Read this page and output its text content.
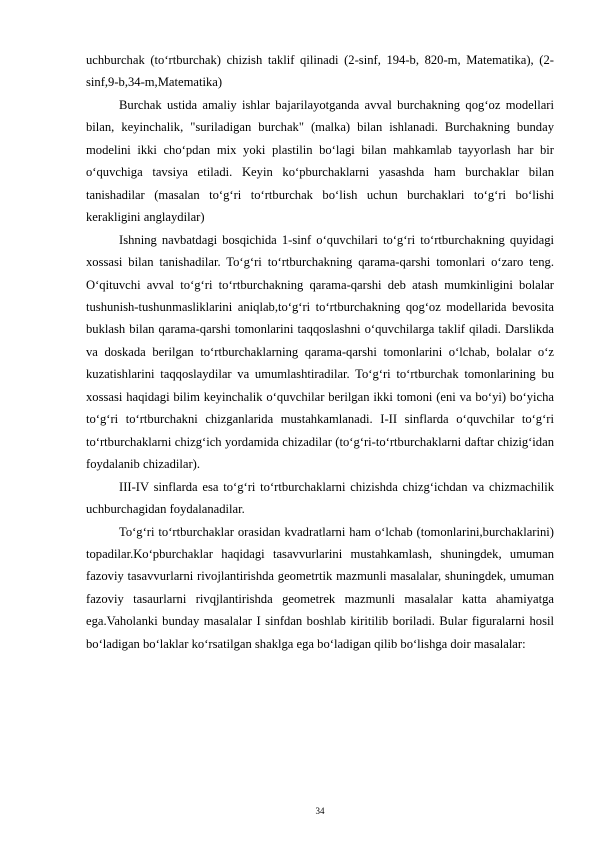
uchburchak (to‘rtburchak) chizish taklif qilinadi (2-sinf, 194-b, 820-m, Matematika), (2-sinf,9-b,34-m,Matematika)

Burchak ustida amaliy ishlar bajarilayotganda avval burchakning qog‘oz modellari bilan, keyinchalik, "suriladigan burchak" (malka) bilan ishlanadi. Burchakning bunday modelini ikki cho‘pdan mix yoki plastilin bo‘lagi bilan mahkamlab tayyorlash har bir o‘quvchiga tavsiya etiladi. Keyin ko‘pburchaklarni yasashda ham burchaklar bilan tanishadilar (masalan to‘g‘ri to‘rtburchak bo‘lish uchun burchaklari to‘g‘ri bo‘lishi kerakligini anglaydilar)

Ishning navbatdagi bosqichida 1-sinf o‘quvchilari to‘g‘ri to‘rtburchakning quyidagi xossasi bilan tanishadilar. To‘g‘ri to‘rtburchakning qarama-qarshi tomonlari o‘zaro teng. O‘qituvchi avval to‘g‘ri to‘rtburchakning qarama-qarshi deb atash mumkinligini bolalar tushunish-tushunmasliklarini aniqlab,to‘g‘ri to‘rtburchakning qog‘oz modellarida bevosita buklash bilan qarama-qarshi tomonlarini taqqoslashni o‘quvchilarga taklif qiladi. Darslikda va doskada berilgan to‘rtburchaklarning qarama-qarshi tomonlarini o‘lchab, bolalar o‘z kuzatishlarini taqqoslaydilar va umumlashtiradilar. To‘g‘ri to‘rtburchak tomonlarining bu xossasi haqidagi bilim keyinchalik o‘quvchilar berilgan ikki tomoni (eni va bo‘yi) bo‘yicha to‘g‘ri to‘rtburchakni chizganlarida mustahkamlanadi. I-II sinflarda o‘quvchilar to‘g‘ri to‘rtburchaklarni chizg‘ich yordamida chizadilar (to‘g‘ri-to‘rtburchaklarni daftar chizig‘idan foydalanib chizadilar).

III-IV sinflarda esa to‘g‘ri to‘rtburchaklarni chizishda chizg‘ichdan va chizmachilik uchburchagidan foydalanadilar.

To‘g‘ri to‘rtburchaklar orasidan kvadratlarni ham o‘lchab (tomonlarini,burchaklarini) topadilar.Ko‘pburchaklar haqidagi tasavvurlarini mustahkamlash, shuningdek, umuman fazoviy tasavvurlarni rivojlantirishda geometrtik mazmunli masalalar, shuningdek, umuman fazoviy tasaurlarni rivqjlantirishda geometrek mazmunli masalalar katta ahamiyatga ega.Vaholanki bunday masalalar I sinfdan boshlab kiritilib boriladi. Bular figuralarni hosil bo‘ladigan bo‘laklar ko‘rsatilgan shaklga ega bo‘ladigan qilib bo‘lishga doir masalalar:

34
